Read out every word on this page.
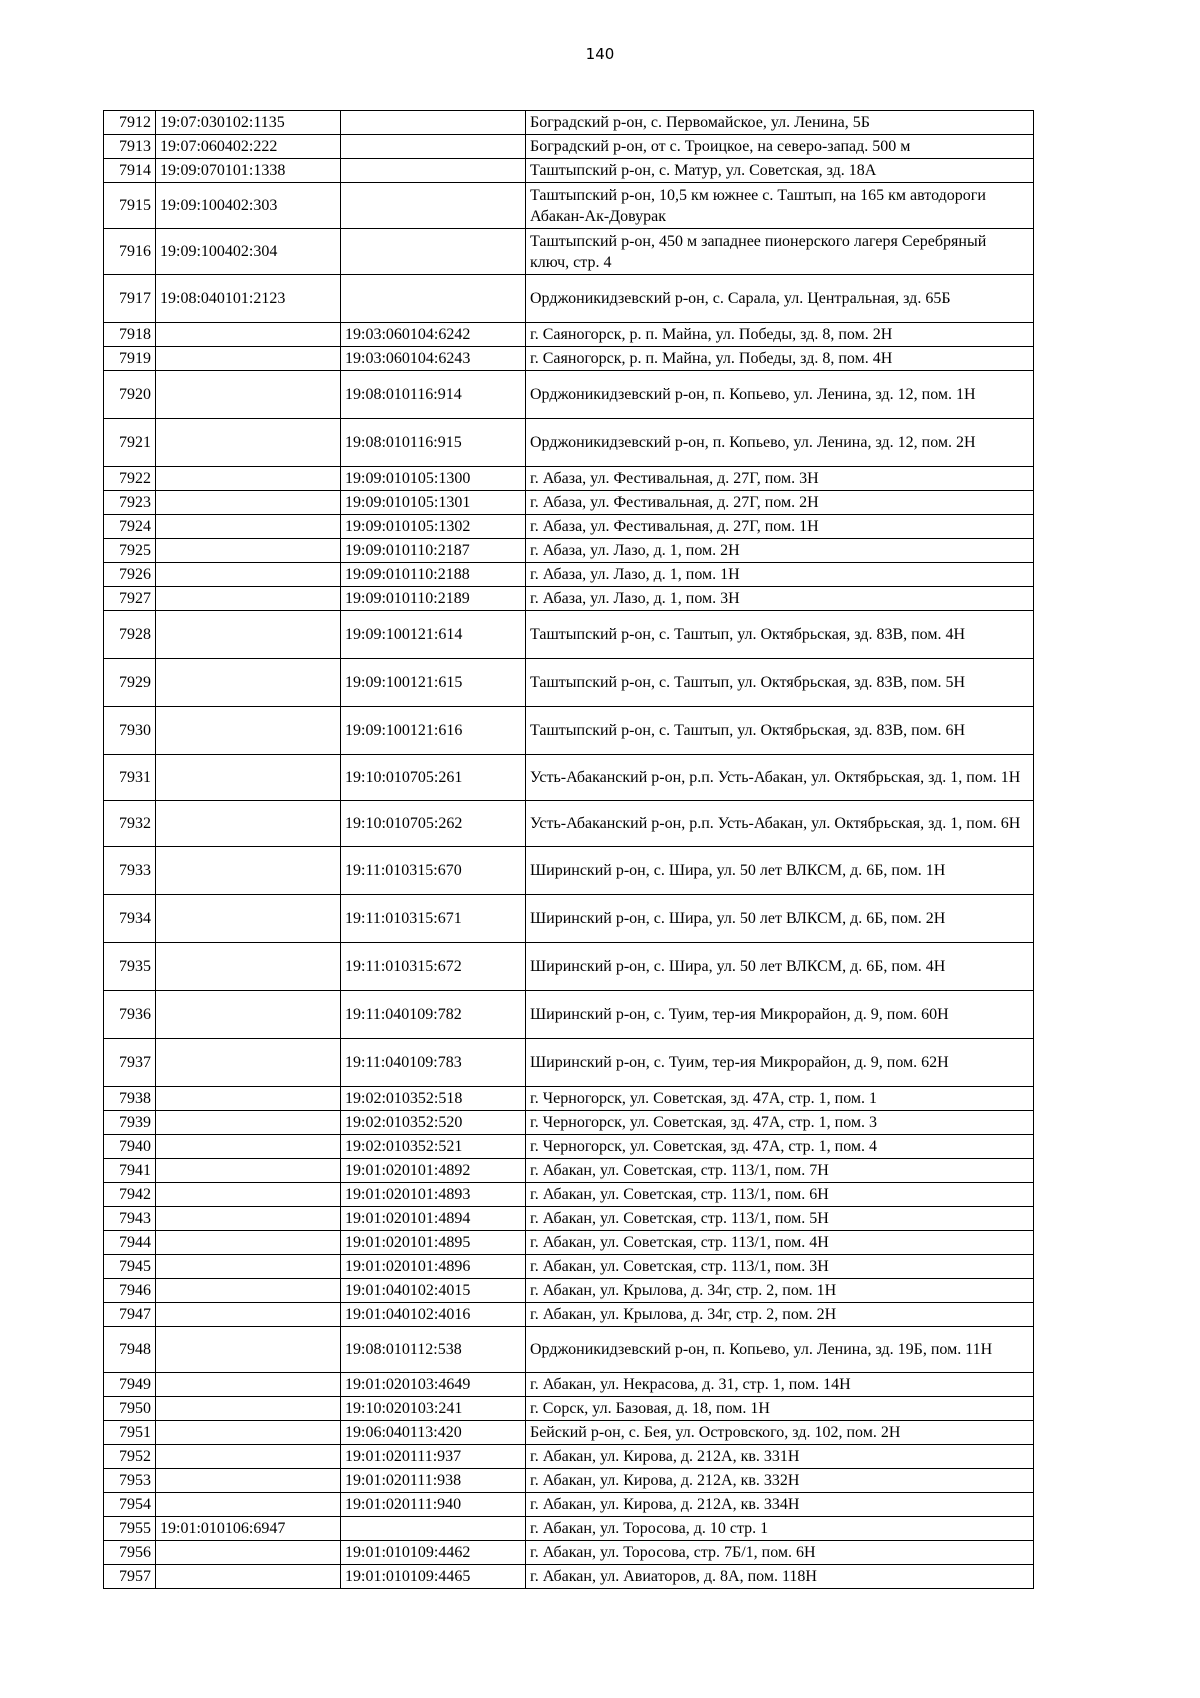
140
7912	19:07:030102:1135		Боградский р-он, с. Первомайское, ул. Ленина, 5Б
7913	19:07:060402:222		Боградский р-он, от с. Троицкое, на северо-запад. 500 м
7914	19:09:070101:1338		Таштыпский р-он, с. Матур, ул. Советская, зд. 18А
7915	19:09:100402:303		Таштыпский р-он, 10,5 км южнее с. Таштып, на 165 км автодороги Абакан-Ак-Довурак
7916	19:09:100402:304		Таштыпский р-он, 450 м западнее пионерского лагеря Серебряный ключ, стр. 4
7917	19:08:040101:2123		Орджоникидзевский р-он, с. Сарала, ул. Центральная, зд. 65Б
7918		19:03:060104:6242	г. Саяногорск, р. п. Майна, ул. Победы, зд. 8, пом. 2Н
7919		19:03:060104:6243	г. Саяногорск, р. п. Майна, ул. Победы, зд. 8, пом. 4Н
7920		19:08:010116:914	Орджоникидзевский р-он, п. Копьево, ул. Ленина, зд. 12, пом. 1Н
7921		19:08:010116:915	Орджоникидзевский р-он, п. Копьево, ул. Ленина, зд. 12, пом. 2Н
7922		19:09:010105:1300	г. Абаза, ул. Фестивальная, д. 27Г, пом. 3Н
7923		19:09:010105:1301	г. Абаза, ул. Фестивальная, д. 27Г, пом. 2Н
7924		19:09:010105:1302	г. Абаза, ул. Фестивальная, д. 27Г, пом. 1Н
7925		19:09:010110:2187	г. Абаза, ул. Лазо, д. 1, пом. 2Н
7926		19:09:010110:2188	г. Абаза, ул. Лазо, д. 1, пом. 1Н
7927		19:09:010110:2189	г. Абаза, ул. Лазо, д. 1, пом. 3Н
7928		19:09:100121:614	Таштыпский р-он, с. Таштып, ул. Октябрьская, зд. 83В, пом. 4Н
7929		19:09:100121:615	Таштыпский р-он, с. Таштып, ул. Октябрьская, зд. 83В, пом. 5Н
7930		19:09:100121:616	Таштыпский р-он, с. Таштып, ул. Октябрьская, зд. 83В, пом. 6Н
7931		19:10:010705:261	Усть-Абаканский р-он, р.п. Усть-Абакан, ул. Октябрьская, зд. 1, пом. 1Н
7932		19:10:010705:262	Усть-Абаканский р-он, р.п. Усть-Абакан, ул. Октябрьская, зд. 1, пом. 6Н
7933		19:11:010315:670	Ширинский р-он, с. Шира, ул. 50 лет ВЛКСМ, д. 6Б, пом. 1Н
7934		19:11:010315:671	Ширинский р-он, с. Шира, ул. 50 лет ВЛКСМ, д. 6Б, пом. 2Н
7935		19:11:010315:672	Ширинский р-он, с. Шира, ул. 50 лет ВЛКСМ, д. 6Б, пом. 4Н
7936		19:11:040109:782	Ширинский р-он, с. Туим, тер-ия Микрорайон, д. 9, пом. 60Н
7937		19:11:040109:783	Ширинский р-он, с. Туим, тер-ия Микрорайон, д. 9, пом. 62Н
7938		19:02:010352:518	г. Черногорск, ул. Советская, зд. 47А, стр. 1, пом. 1
7939		19:02:010352:520	г. Черногорск, ул. Советская, зд. 47А, стр. 1, пом. 3
7940		19:02:010352:521	г. Черногорск, ул. Советская, зд. 47А, стр. 1, пом. 4
7941		19:01:020101:4892	г. Абакан, ул. Советская, стр. 113/1, пом. 7Н
7942		19:01:020101:4893	г. Абакан, ул. Советская, стр. 113/1, пом. 6Н
7943		19:01:020101:4894	г. Абакан, ул. Советская, стр. 113/1, пом. 5Н
7944		19:01:020101:4895	г. Абакан, ул. Советская, стр. 113/1, пом. 4Н
7945		19:01:020101:4896	г. Абакан, ул. Советская, стр. 113/1, пом. 3Н
7946		19:01:040102:4015	г. Абакан, ул. Крылова, д. 34г, стр. 2, пом. 1Н
7947		19:01:040102:4016	г. Абакан, ул. Крылова, д. 34г, стр. 2, пом. 2Н
7948		19:08:010112:538	Орджоникидзевский р-он, п. Копьево, ул. Ленина, зд. 19Б, пом. 11Н
7949		19:01:020103:4649	г. Абакан, ул. Некрасова, д. 31, стр. 1, пом. 14Н
7950		19:10:020103:241	г. Сорск, ул. Базовая, д. 18, пом. 1Н
7951		19:06:040113:420	Бейский р-он, с. Бея, ул. Островского, зд. 102, пом. 2Н
7952		19:01:020111:937	г. Абакан, ул. Кирова, д. 212А, кв. 331Н
7953		19:01:020111:938	г. Абакан, ул. Кирова, д. 212А, кв. 332Н
7954		19:01:020111:940	г. Абакан, ул. Кирова, д. 212А, кв. 334Н
7955	19:01:010106:6947		г. Абакан, ул. Торосова, д. 10 стр. 1
7956		19:01:010109:4462	г. Абакан, ул. Торосова, стр. 7Б/1, пом. 6Н
7957		19:01:010109:4465	г. Абакан, ул. Авиаторов, д. 8А, пом. 118Н
